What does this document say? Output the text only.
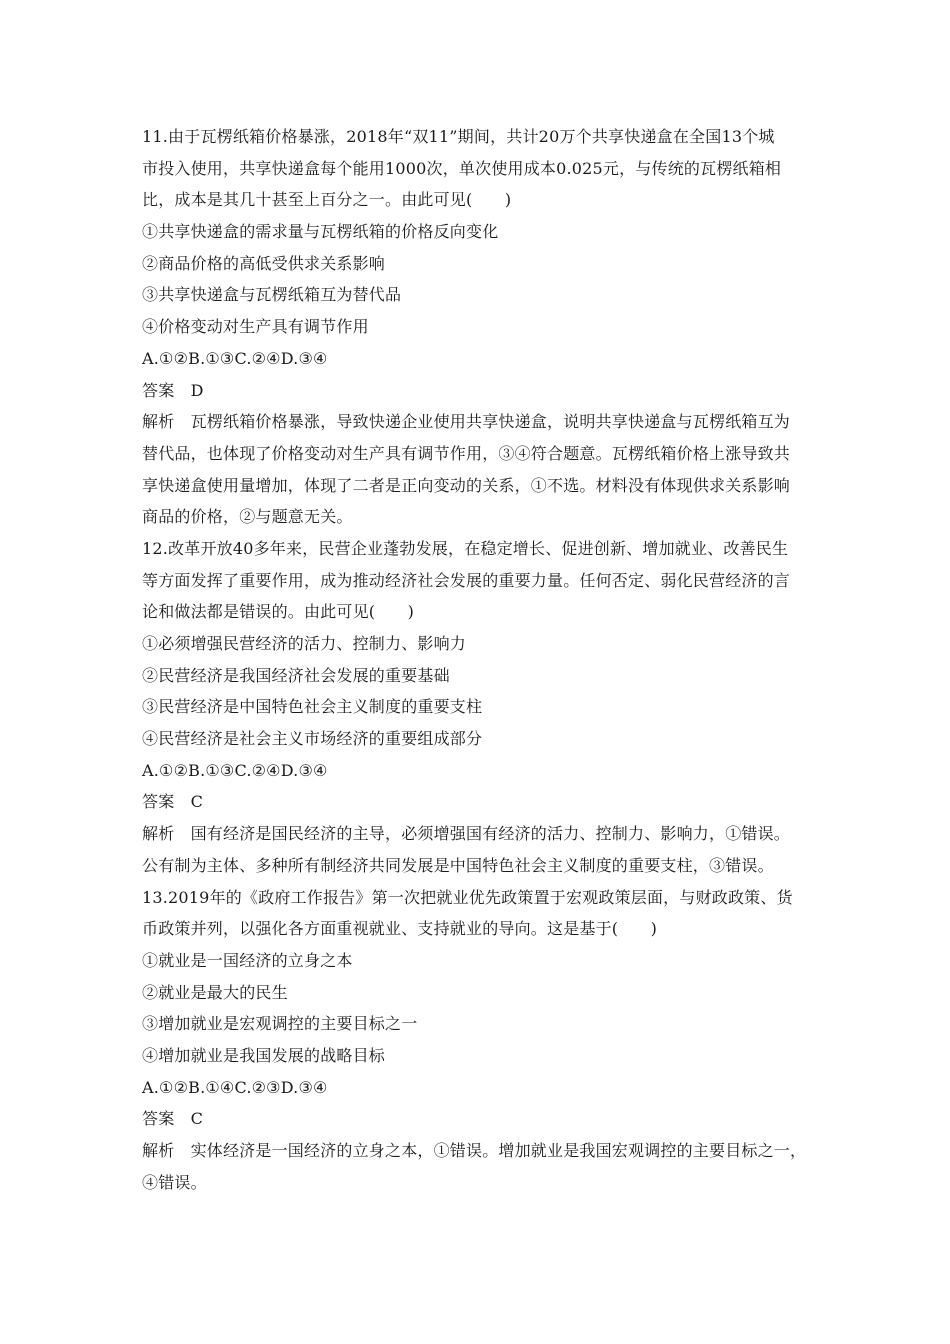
11.由于瓦楞纸箱价格暴涨，2018年“双11”期间，共计20万个共享快递盒在全国13个城
市投入使用，共享快递盒每个能用1000次，单次使用成本0.025元，与传统的瓦楞纸箱相
比，成本是其几十甚至上百分之一。由此可见(　　)
①共享快递盒的需求量与瓦楞纸箱的价格反向变化
②商品价格的高低受供求关系影响
③共享快递盒与瓦楞纸箱互为替代品
④价格变动对生产具有调节作用
A.①②B.①③C.②④D.③④
答案　D
解析　瓦楞纸箱价格暴涨，导致快递企业使用共享快递盒，说明共享快递盒与瓦楞纸箱互为
替代品，也体现了价格变动对生产具有调节作用，③④符合题意。瓦楞纸箱价格上涨导致共
享快递盒使用量增加，体现了二者是正向变动的关系，①不选。材料没有体现供求关系影响
商品的价格，②与题意无关。
12.改革开放40多年来，民营企业蓬勃发展，在稳定增长、促进创新、增加就业、改善民生
等方面发挥了重要作用，成为推动经济社会发展的重要力量。任何否定、弱化民营经济的言
论和做法都是错误的。由此可见(　　)
①必须增强民营经济的活力、控制力、影响力
②民营经济是我国经济社会发展的重要基础
③民营经济是中国特色社会主义制度的重要支柱
④民营经济是社会主义市场经济的重要组成部分
A.①②B.①③C.②④D.③④
答案　C
解析　国有经济是国民经济的主导，必须增强国有经济的活力、控制力、影响力，①错误。
公有制为主体、多种所有制经济共同发展是中国特色社会主义制度的重要支柱，③错误。
13.2019年的《政府工作报告》第一次把就业优先政策置于宏观政策层面，与财政政策、货
币政策并列，以强化各方面重视就业、支持就业的导向。这是基于(　　)
①就业是一国经济的立身之本
②就业是最大的民生
③增加就业是宏观调控的主要目标之一
④增加就业是我国发展的战略目标
A.①②B.①④C.②③D.③④
答案　C
解析　实体经济是一国经济的立身之本，①错误。增加就业是我国宏观调控的主要目标之一，
④错误。
